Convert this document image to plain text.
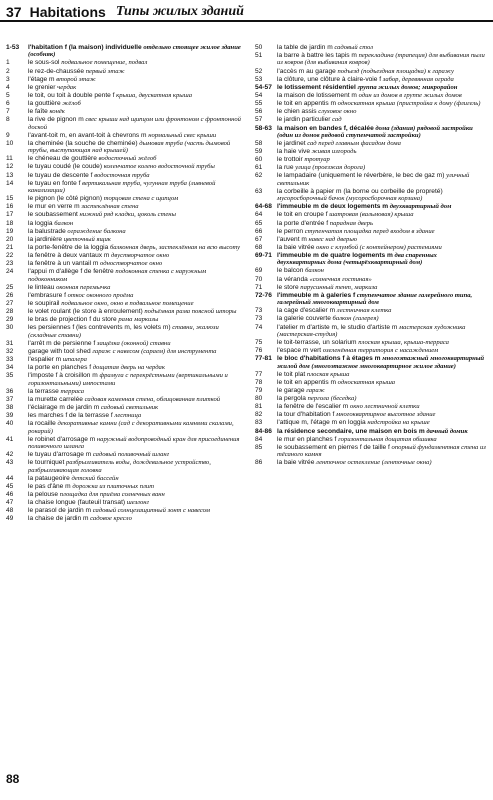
37 Habitations Типы жилых зданий
1-53	l'habitation f (la maison) individuelle отдельно стоящее жилое здание (особняк)
1	le sous-sol подвальное помещение, подвал
2	le rez-de-chaussée первый этаж
3	l'étage m второй этаж
4	le grenier чердак
5	le toit, ou toit à double pente f крыша, двускатная крыша
6	la gouttière жёлоб
7	le faîte конёк
8	la rive de pignon m свес крыши над щипцом или фронтоном с фронтонной доской
9	l'avant-toit m, en avant-toit à chevrons m нормальный свес крыши
10	la cheminée (la souche de cheminée) дымовая труба (часть дымовой трубы, выступающая над крышей)
11	le chéneau de gouttière водосточный жёлоб
12	le tuyau coudé (le coude) коленчатое колено водосточной трубы
13	le tuyau de descente f водосточная труба
14	le tuyau en fonte f вертикальная труба, чугунная труба (ливневой канализации)
15	le pignon (le côté pignon) торцовая стена с щипцом
16	le mur en verre m застеклённая стена
17	le soubassement нижний ряд кладки, цоколь стены
18	la loggia балкон
19	la balustrade ограждение балкона
20	la jardinière цветочный ящик
21	la porte-fenêtre de la loggia балконная дверь, застеклённая на всю высоту
22	la fenêtre à deux vantaux m двустворчатое окно
23	la fenêtre à un vantail m одностворчатое окно
24	l'appui m d'allège f de fenêtre подоконная стенка с наружным подоконником
25	le linteau оконная перемычка
26	l'embrasure f откос оконного проёма
27	le soupirail подвальное окно, окно в подвальное помещение
28	le volet roulant (le store à enroulement) подъёмная рама поясной шторы
29	le bras de projection f du store рама маркизы
30	les persiennes f (les contrevents m, les volets m) ставни, жалюзи (складные ставни)
31	l'arrêt m de persienne f защёлка (оконной) ставни
32	garage with tool shed гараж с навесом (сараем) для инструмента
33	l'espalier m шпалера
34	la porte en planches f дощатая дверь на чердак
35	l'imposte f à croisillon m фрамуга с перекрёстными (вертикальными и горизонтальными) импостами
36	la terrasse терраса
37	la murette carrelée садовая каменная стена, облицованная плиткой
38	l'éclairage m de jardin m садовый светильник
39	les marches f de la terrasse f лестница
40	la rocaille декоративные камни (сад с декоративными камнями скалами, рокарий)
41	le robinet d'arrosage m наружный водопроводный кран для присоединения поливочного шланга
42	le tuyau d'arrosage m садовый поливочный шланг
43	le tourniquet разбрызгиватель воды, дождевальное устройство, разбрызгивающая головка
44	la pataugeoire детский бассейн
45	le pas d'âne m дорожка из плиточных плит
46	la pelouse площадка для приёма солнечных ванн
47	la chaise longue (fauteuil transat) шезлонг
48	le parasol de jardin m садовый солнцезащитный зонт с навесом
49	la chaise de jardin m садовое кресло
50	la table de jardin m садовый стол
51	la barre à battre les tapis m перекладина (трапеция) для выбивания пыли из ковров (для выбивания ковров)
52	l'accès m au garage подъезд (подъездная площадка) к гаражу
53	la clôture, une clôture à claire-voie f забор, деревянная ограда
54-57 le lotissement résidentiel группа жилых домов; микрорайон
54	la maison de lotissement m один из домов в группе жилых домов
55	le toit en appentis m односкатная крыша (пристройка к дому (флигель)
56	le chien assis слуховое окно
57	le jardin particulier сад
58-63 la maison en bandes f, décalée дома (здания) рядовой застройки (один из домов рядовой ступенчатой застройки)
58	le jardinet сад перед главным фасадом дома
59	la haie vive живая изгородь
60	le trottoir тротуар
61	la rue улица (проезжая дорога)
62	le lampadaire (uniquement le réverbère, le bec de gaz m) уличный светильник
63	la corbeille à papier m (la borne ou corbeille de propreté) мусоросборочный бачок (мусоросборочная корзина)
64-68 l'immeuble m de deux logements m двухквартирный дом
64	le toit en croupe f шатровая (вальмовая) крыша
65	la porte d'entrée f парадная дверь
66	le perron ступенчатая площадка перед входом в здание
67	l'auvent m навес над дверью
68	la baie vitrée окно с клумбой (с контейнером) растениями
69-71 l'immeuble m de quatre logements m два спаренных двухквартирных дома (четырёхквартирный дом)
69	le balcon балкон
70	la véranda «солнечная гостиная»
71	le store парусинный тент, маркиза
72-76 l'immeuble m à galeries f ступенчатое здание галерейного типа, галерейный многоквартирный дом
73	la cage d'escalier m лестничная клетка
73	la galerie couverte балкон (галерея)
74	l'atelier m d'artiste m, le studio d'artiste m мастерская художника (мастерская-студия)
75	le toit-terrasse, un solarium плоская крыша, крыша-терраса
76	l'espace m vert озеленённая территория с насаждением
77-81 le bloc d'habitations f à étages m многоэтажный многоквартирный жилой дом (многоэтажное многоквартирное жилое здание)
77	le toit plat плоская крыша
78	le toit en appentis m односкатная крыша
79	le garage гараж
80	la pergola пергола (беседка)
81	la fenêtre de l'escalier m окно лестничной клетки
82	la tour d'habitation f многоквартирное высотное здание
83	l'attique m, l'étage m en loggia надстройка на крыше
84-86 la résidence secondaire, une maison en bois m дачный домик
84	le mur en planches f горизонтальная дощатая обшивка
85	le soubassement en pierres f de taille f опорный фундаментная стена из тёсаного камня
86	la baie vitrée ленточное остекление (ленточные окна)
88
